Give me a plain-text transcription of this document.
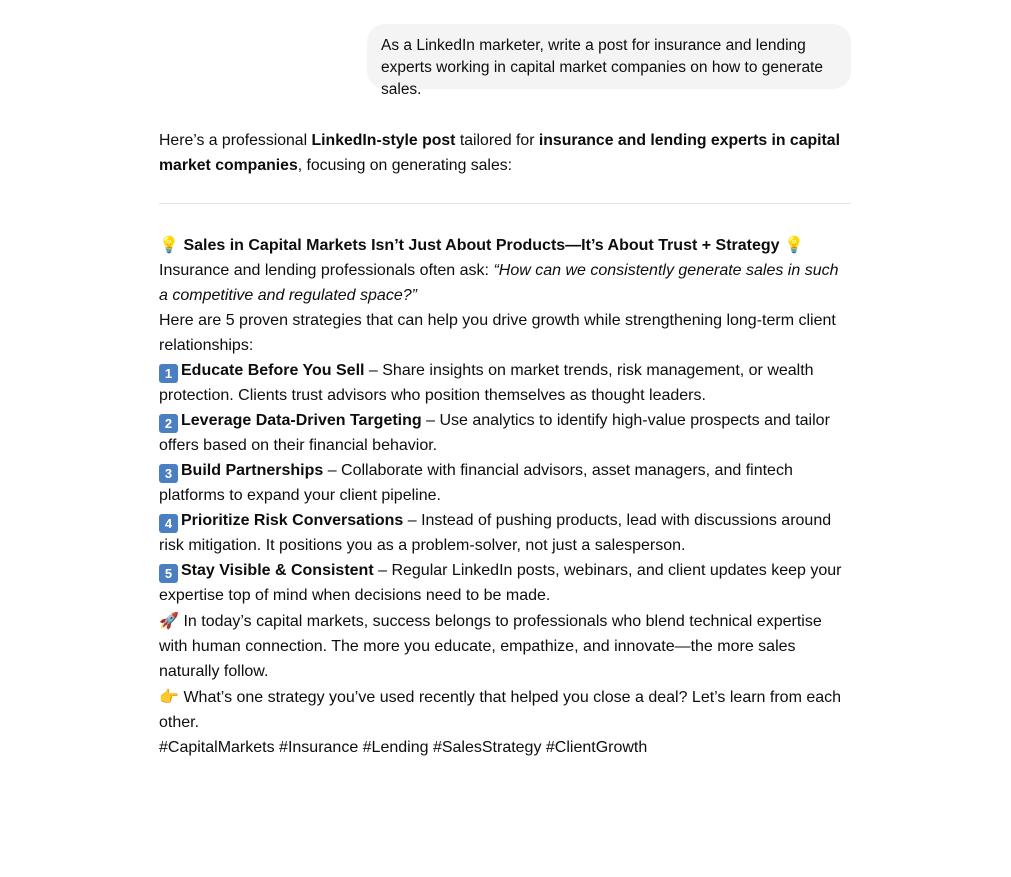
As a LinkedIn marketer, write a post for insurance and lending experts working in capital market companies on how to generate sales.

Here’s a professional LinkedIn-style post tailored for insurance and lending experts in capital market companies, focusing on generating sales:

💡 Sales in Capital Markets Isn’t Just About Products—It’s About Trust + Strategy 💡

Insurance and lending professionals often ask: “How can we consistently generate sales in such a competitive and regulated space?”

Here are 5 proven strategies that can help you drive growth while strengthening long-term client relationships:

1 Educate Before You Sell – Share insights on market trends, risk management, or wealth protection. Clients trust advisors who position themselves as thought leaders.

2 Leverage Data-Driven Targeting – Use analytics to identify high-value prospects and tailor offers based on their financial behavior.

3 Build Partnerships – Collaborate with financial advisors, asset managers, and fintech platforms to expand your client pipeline.

4 Prioritize Risk Conversations – Instead of pushing products, lead with discussions around risk mitigation. It positions you as a problem-solver, not just a salesperson.

5 Stay Visible & Consistent – Regular LinkedIn posts, webinars, and client updates keep your expertise top of mind when decisions need to be made.

🚀 In today’s capital markets, success belongs to professionals who blend technical expertise with human connection. The more you educate, empathize, and innovate—the more sales naturally follow.

👉 What’s one strategy you’ve used recently that helped you close a deal? Let’s learn from each other.

#CapitalMarkets #Insurance #Lending #SalesStrategy #ClientGrowth
